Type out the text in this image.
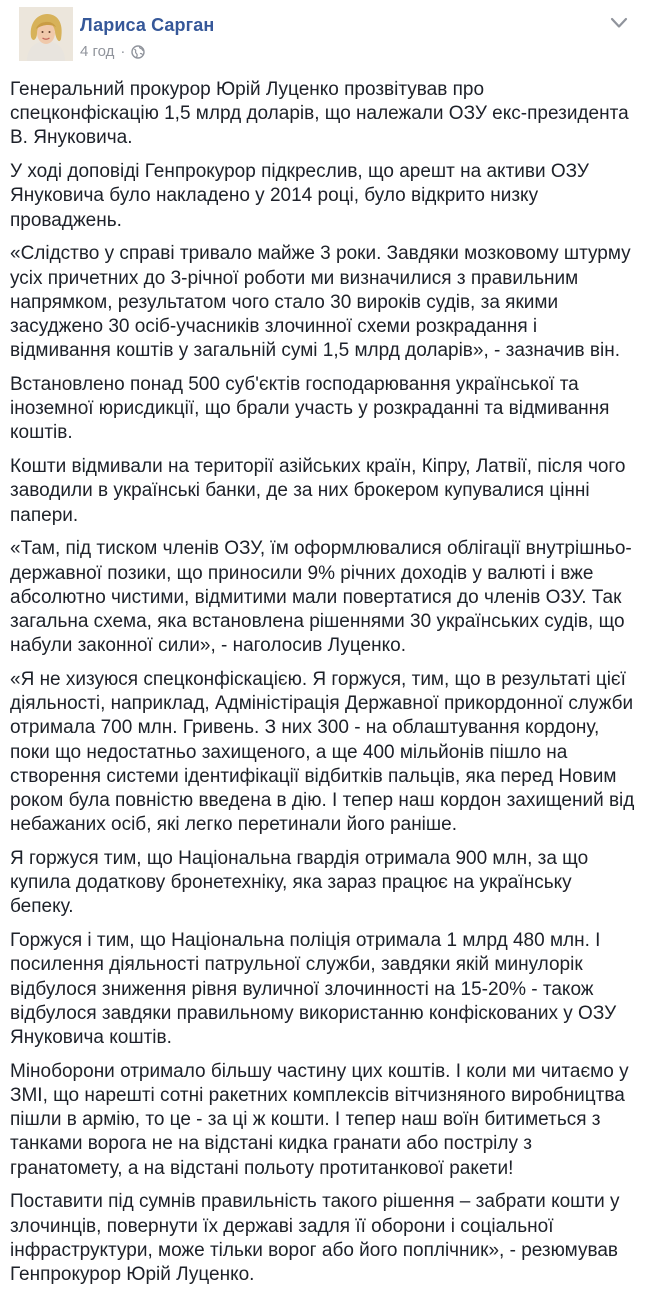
Лариса Сарган
4 год ·

Генеральний прокурор Юрій Луценко прозвітував про спецконфіскацію 1,5 млрд доларів, що належали ОЗУ екс-президента В. Януковича.

У ході доповіді Генпрокурор підкреслив, що арешт на активи ОЗУ Януковича було накладено у 2014 році, було відкрито низку проваджень.

«Слідство у справі тривало майже 3 роки. Завдяки мозковому штурму усіх причетних до 3-річної роботи ми визначилися з правильним напрямком, результатом чого стало 30 вироків судів, за якими засуджено 30 осіб-учасників злочинної схеми розкрадання і відмивання коштів у загальній сумі 1,5 млрд доларів», - зазначив він.

Встановлено понад 500 суб'єктів господарювання української та іноземної юрисдикції, що брали участь у розкраданні та відмивання коштів.

Кошти відмивали на території азійських країн, Кіпру, Латвії, після чого заводили в українські банки, де за них брокером купувалися цінні папери.

«Там, під тиском членів ОЗУ, їм оформлювалися облігації внутрішньо-державної позики, що приносили 9% річних доходів у валюті і вже абсолютно чистими, відмитими мали повертатися до членів ОЗУ. Так загальна схема, яка встановлена рішеннями 30 українських судів, що набули законної сили», - наголосив Луценко.

«Я не хизуюся спецконфіскацією. Я горжуся, тим, що в результаті цієї діяльності, наприклад, Адміністірація Державної прикордонної служби отримала 700 млн. Гривень. З них 300 - на облаштування кордону, поки що недостатньо захищеного, а ще 400 мільйонів пішло на створення системи ідентифікації відбитків пальців, яка перед Новим роком була повністю введена в дію. І тепер наш кордон захищений від небажаних осіб, які легко перетинали його раніше.

Я горжуся тим, що Національна гвардія отримала 900 млн, за що купила додаткову бронетехніку, яка зараз працює на українську бепеку.

Горжуся і тим, що Національна поліція отримала 1 млрд 480 млн. І посилення діяльності патрульної служби, завдяки якій минулорік відбулося зниження рівня вуличної злочинності на 15-20% - також відбулося завдяки правильному використанню конфіскованих у ОЗУ Януковича коштів.

Міноборони отримало більшу частину цих коштів. І коли ми читаємо у ЗМІ, що нарешті сотні ракетних комплексів вітчизняного виробництва пішли в армію, то це - за ці ж кошти. І тепер наш воїн битиметься з танками ворога не на відстані кидка гранати або пострілу з гранатомету, а на відстані польоту протитанкової ракети!

Поставити під сумнів правильність такого рішення – забрати кошти у злочинців, повернути їх державі задля її оборони і соціальної інфраструктури, може тільки ворог або його поплічник», - резюмував Генпрокурор Юрій Луценко.
